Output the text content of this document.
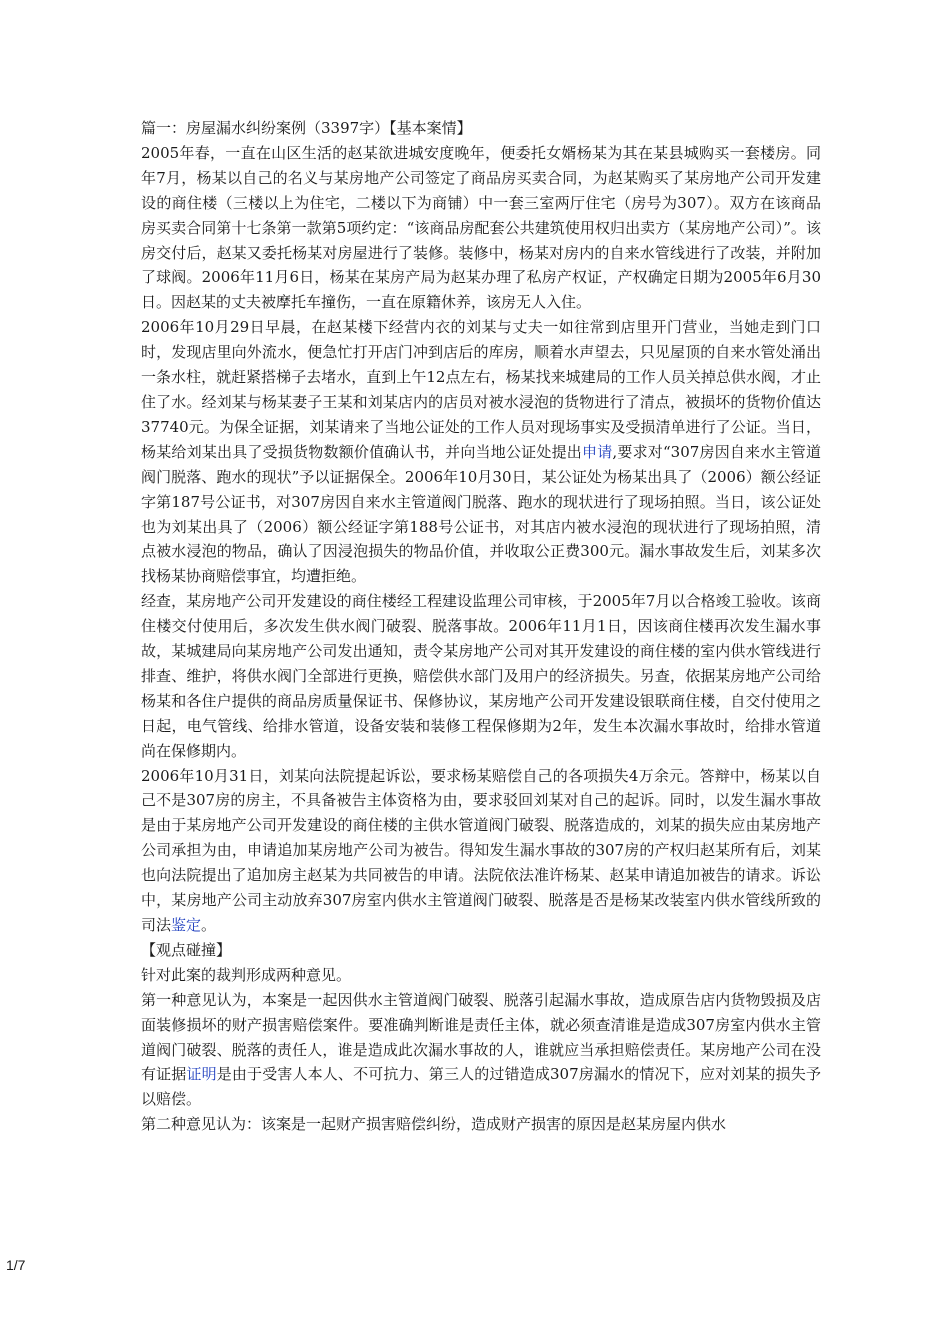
篇一：房屋漏水纠纷案例（3397字）【基本案情】

2005年春，一直在山区生活的赵某欲进城安度晚年，便委托女婿杨某为其在某县城购买一套楼房。同年7月，杨某以自己的名义与某房地产公司签定了商品房买卖合同，为赵某购买了某房地产公司开发建设的商住楼（三楼以上为住宅，二楼以下为商铺）中一套三室两厅住宅（房号为307）。双方在该商品房买卖合同第十七条第一款第5项约定：“该商品房配套公共建筑使用权归出卖方（某房地产公司）”。该房交付后，赵某又委托杨某对房屋进行了装修。装修中，杨某对房内的自来水管线进行了改装，并附加了球阀。2006年11月6日，杨某在某房产局为赵某办理了私房产权证，产权确定日期为2005年6月30日。因赵某的丈夫被摩托车撞伤，一直在原籍休养，该房无人入住。

2006年10月29日早晨，在赵某楼下经营内衣的刘某与丈夫一如往常到店里开门营业，当她走到门口时，发现店里向外流水，便急忙打开店门冲到店后的库房，顺着水声望去，只见屋顶的自来水管处涌出一条水柱，就赶紧搭梯子去堵水，直到上午12点左右，杨某找来城建局的工作人员关掉总供水阀，才止住了水。经刘某与杨某妻子王某和刘某店内的店员对被水浸泡的货物进行了清点，被损坏的货物价值达37740元。为保全证据，刘某请来了当地公证处的工作人员对现场事实及受损清单进行了公证。当日，杨某给刘某出具了受损货物数额价值确认书，并向当地公证处提出申请,要求对“307房因自来水主管道阀门脱落、跑水的现状”予以证据保全。2006年10月30日，某公证处为杨某出具了（2006）额公经证字第187号公证书，对307房因自来水主管道阀门脱落、跑水的现状进行了现场拍照。当日，该公证处也为刘某出具了（2006）额公经证字第188号公证书，对其店内被水浸泡的现状进行了现场拍照，清点被水浸泡的物品，确认了因浸泡损失的物品价值，并收取公正费300元。漏水事故发生后，刘某多次找杨某协商赔偿事宜，均遭拒绝。

经查，某房地产公司开发建设的商住楼经工程建设监理公司审核，于2005年7月以合格竣工验收。该商住楼交付使用后，多次发生供水阀门破裂、脱落事故。2006年11月1日，因该商住楼再次发生漏水事故，某城建局向某房地产公司发出通知，责令某房地产公司对其开发建设的商住楼的室内供水管线进行排查、维护，将供水阀门全部进行更换，赔偿供水部门及用户的经济损失。另查，依据某房地产公司给杨某和各住户提供的商品房质量保证书、保修协议，某房地产公司开发建设银联商住楼，自交付使用之日起，电气管线、给排水管道，设备安装和装修工程保修期为2年，发生本次漏水事故时，给排水管道尚在保修期内。

2006年10月31日，刘某向法院提起诉讼，要求杨某赔偿自己的各项损失4万余元。答辩中，杨某以自己不是307房的房主，不具备被告主体资格为由，要求驳回刘某对自己的起诉。同时，以发生漏水事故是由于某房地产公司开发建设的商住楼的主供水管道阀门破裂、脱落造成的，刘某的损失应由某房地产公司承担为由，申请追加某房地产公司为被告。得知发生漏水事故的307房的产权归赵某所有后，刘某也向法院提出了追加房主赵某为共同被告的申请。法院依法准许杨某、赵某申请追加被告的请求。诉讼中，某房地产公司主动放弃307房室内供水主管道阀门破裂、脱落是否是杨某改装室内供水管线所致的司法鉴定。

【观点碰撞】

针对此案的裁判形成两种意见。

第一种意见认为，本案是一起因供水主管道阀门破裂、脱落引起漏水事故，造成原告店内货物毁损及店面装修损坏的财产损害赔偿案件。要准确判断谁是责任主体，就必须查清谁是造成307房室内供水主管道阀门破裂、脱落的责任人，谁是造成此次漏水事故的人，谁就应当承担赔偿责任。某房地产公司在没有证据证明是由于受害人本人、不可抗力、第三人的过错造成307房漏水的情况下，应对刘某的损失予以赔偿。

第二种意见认为：该案是一起财产损害赔偿纠纷，造成财产损害的原因是赵某房屋内供水

1/7
